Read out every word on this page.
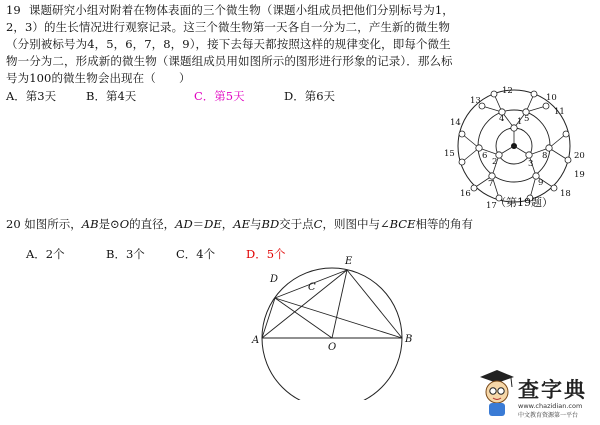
19 课题研究小组对附着在物体表面的三个微生物（课题小组成员把他们分别标号为1，2，3）的生长情况进行观察记录。这三个微生物第一天各自一分为二，产生新的微生物（分别被标号为4，5，6，7，8，9），接下去每天都按照这样的规律变化，即每个微生物一分为二，形成新的微生物（课题组成员用如图所示的图形进行形象的记录）．那么标号为100的微生物会出现在（　　）
A．第3天	B．第4天	C．第5天	D．第6天
1
2	3
4 5
6
7
8
9
10
11
12
13
14
15
16
17
18
19
20
（第19题）
20 如图所示，AB是⊙O的直径，AD＝DE，AE与BD交于点C，则图中与∠BCE相等的角有
A．2个	B．3个	C．4个	D．5个
A	B
C
D
E
O
查字典
www.chazidian.com
中文教育资源第一平台
